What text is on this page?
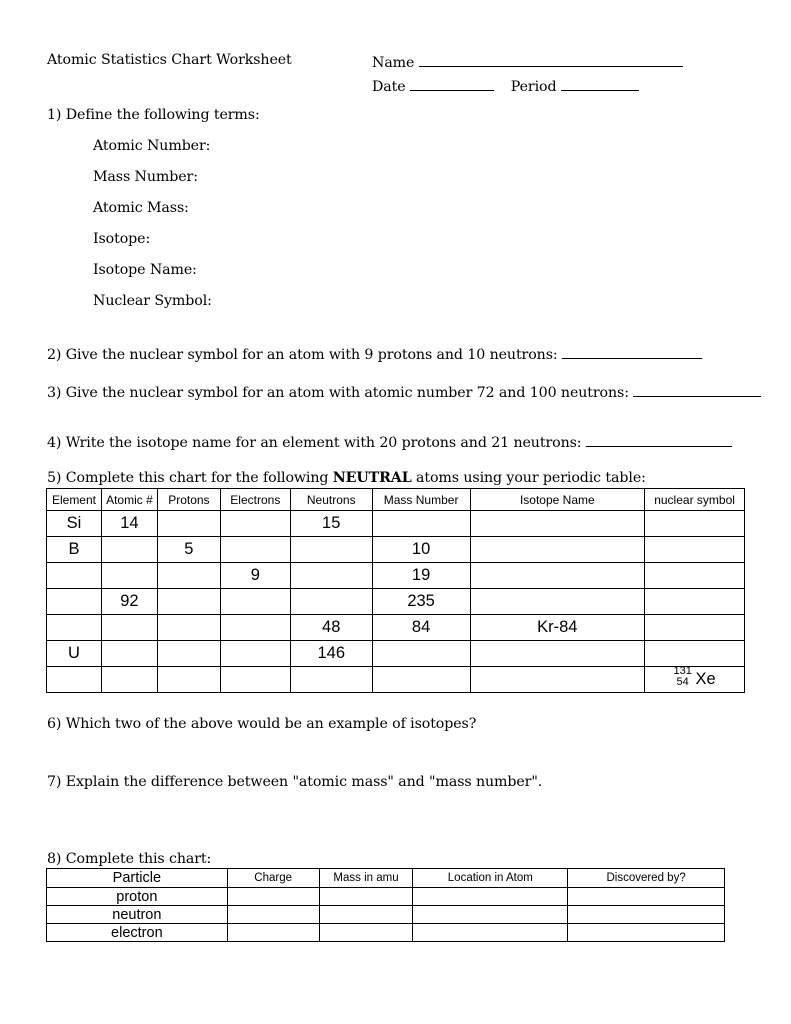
Atomic Statistics Chart Worksheet	Name
Date	Period
1) Define the following terms:
Atomic Number:
Mass Number:
Atomic Mass:
Isotope:
Isotope Name:
Nuclear Symbol:
2) Give the nuclear symbol for an atom with 9 protons and 10 neutrons:
3) Give the nuclear symbol for an atom with atomic number 72 and 100 neutrons:
4) Write the isotope name for an element with 20 protons and 21 neutrons:
5) Complete this chart for the following NEUTRAL atoms using your periodic table:
Element	Atomic #	Protons	Electrons	Neutrons	Mass Number	Isotope Name	nuclear symbol
Si	14			15			
B		5			10		
			9		19		
	92				235		
				48	84	Kr-84	
U				146			

							131
54 Xe
6) Which two of the above would be an example of isotopes?
7) Explain the difference between "atomic mass" and "mass number".
8) Complete this chart:
Particle	Charge	Mass in amu	Location in Atom	Discovered by?
proton				
neutron				
electron				
